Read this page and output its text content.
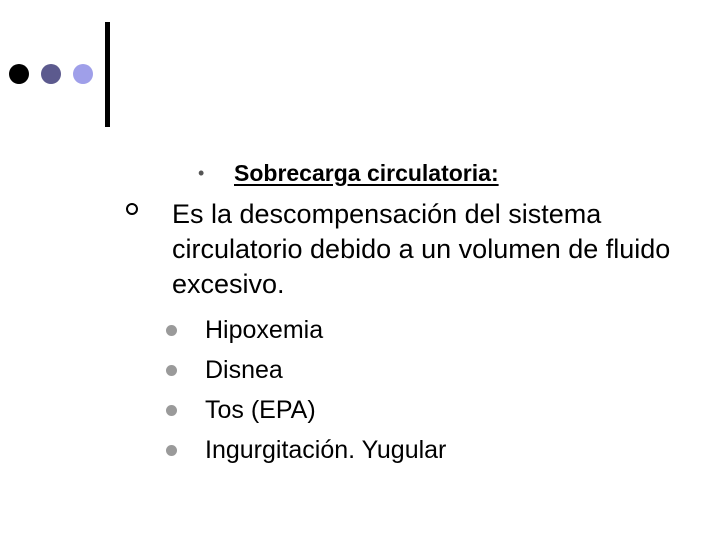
•	Sobrecarga circulatoria:
Es la descompensación del sistema circulatorio debido a un volumen de fluido excesivo.
Hipoxemia
Disnea
Tos (EPA)
Ingurgitación. Yugular
